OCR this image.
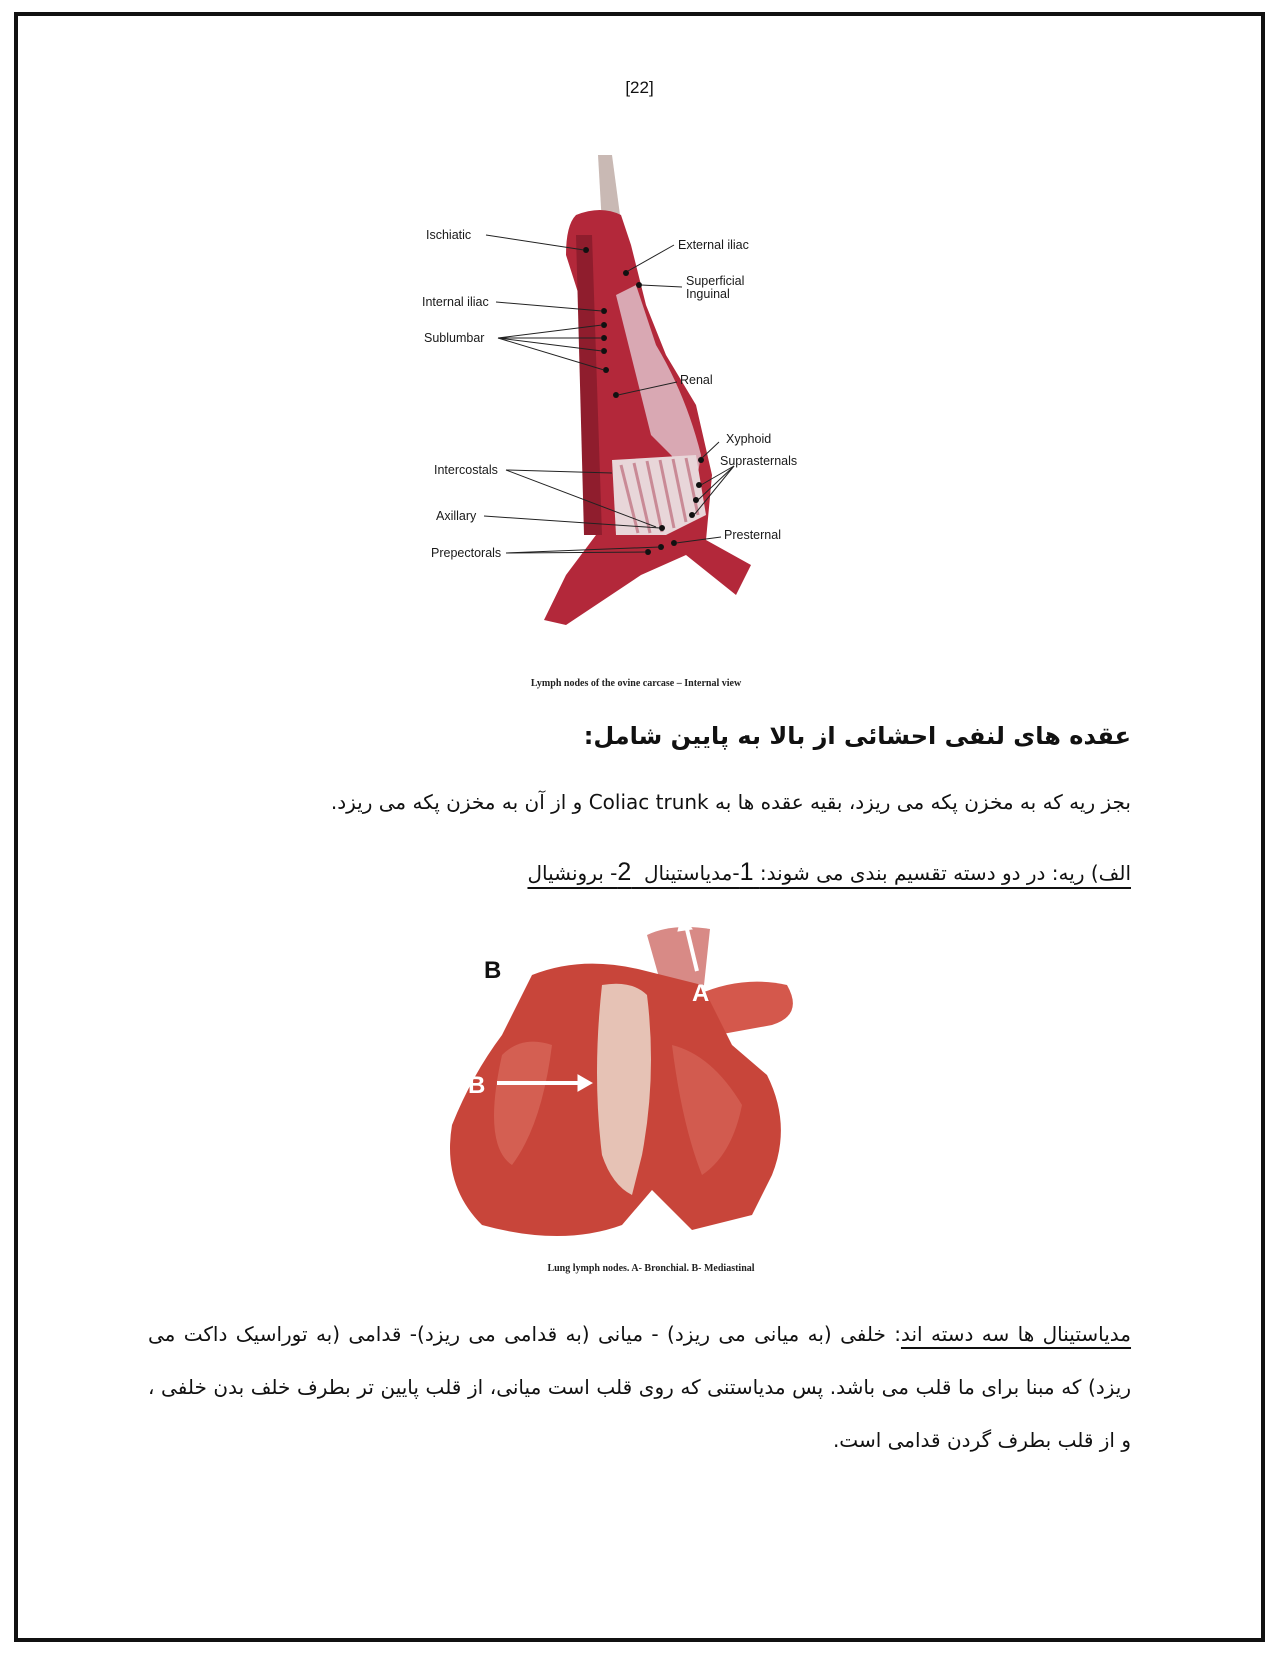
[22]
Ischiatic
Internal iliac
Sublumbar
Intercostals
Axillary
Prepectorals
External iliac
Superficial
Inguinal
Renal
Xyphoid
Suprasternals
Presternal
Lymph nodes of the ovine carcase – Internal view
عقده های لنفی احشائی از بالا به پایین شامل:
بجز ریه که به مخزن پکه می ریزد، بقیه عقده ها به Coliac trunk و از آن به مخزن پکه می ریزد.
الف) ریه: در دو دسته تقسیم بندی می شوند: 1-مدیاستینال  2- برونشیال
B
A
B
Lung lymph nodes. A- Bronchial. B- Mediastinal
مدیاستینال ها سه دسته اند: خلفی (به میانی می ریزد) - میانی (به قدامی می ریزد)- قدامی (به توراسیک داکت می ریزد) که مبنا برای ما قلب می باشد. پس مدیاستنی که روی قلب است میانی، از قلب پایین تر بطرف خلف بدن خلفی ، و از قلب بطرف گردن قدامی است.
